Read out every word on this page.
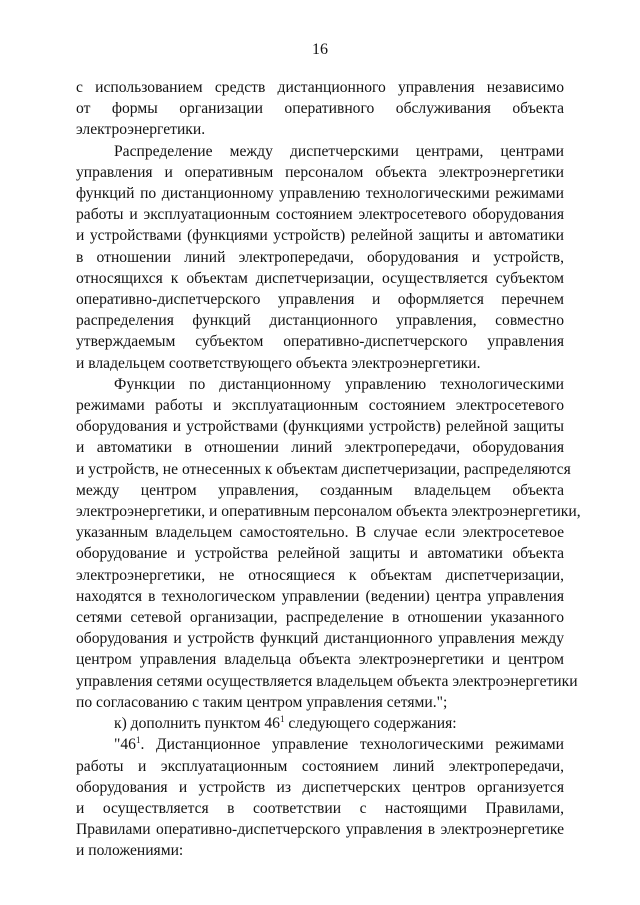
16
с использованием средств дистанционного управления независимо
от формы организации оперативного обслуживания объекта
электроэнергетики.
Распределение между диспетчерскими центрами, центрами
управления и оперативным персоналом объекта электроэнергетики
функций по дистанционному управлению технологическими режимами
работы и эксплуатационным состоянием электросетевого оборудования
и устройствами (функциями устройств) релейной защиты и автоматики
в отношении линий электропередачи, оборудования и устройств,
относящихся к объектам диспетчеризации, осуществляется субъектом
оперативно-диспетчерского управления и оформляется перечнем
распределения функций дистанционного управления, совместно
утверждаемым субъектом оперативно-диспетчерского управления
и владельцем соответствующего объекта электроэнергетики.
Функции по дистанционному управлению технологическими
режимами работы и эксплуатационным состоянием электросетевого
оборудования и устройствами (функциями устройств) релейной защиты
и автоматики в отношении линий электропередачи, оборудования
и устройств, не отнесенных к объектам диспетчеризации, распределяются
между центром управления, созданным владельцем объекта
электроэнергетики, и оперативным персоналом объекта электроэнергетики,
указанным владельцем самостоятельно. В случае если электросетевое
оборудование и устройства релейной защиты и автоматики объекта
электроэнергетики, не относящиеся к объектам диспетчеризации,
находятся в технологическом управлении (ведении) центра управления
сетями сетевой организации, распределение в отношении указанного
оборудования и устройств функций дистанционного управления между
центром управления владельца объекта электроэнергетики и центром
управления сетями осуществляется владельцем объекта электроэнергетики
по согласованию с таким центром управления сетями.";
к) дополнить пунктом $46^1$ следующего содержания:
"$46^1$. Дистанционное управление технологическими режимами
работы и эксплуатационным состоянием линий электропередачи,
оборудования и устройств из диспетчерских центров организуется
и осуществляется в соответствии с настоящими Правилами,
Правилами оперативно-диспетчерского управления в электроэнергетике
и положениями:
